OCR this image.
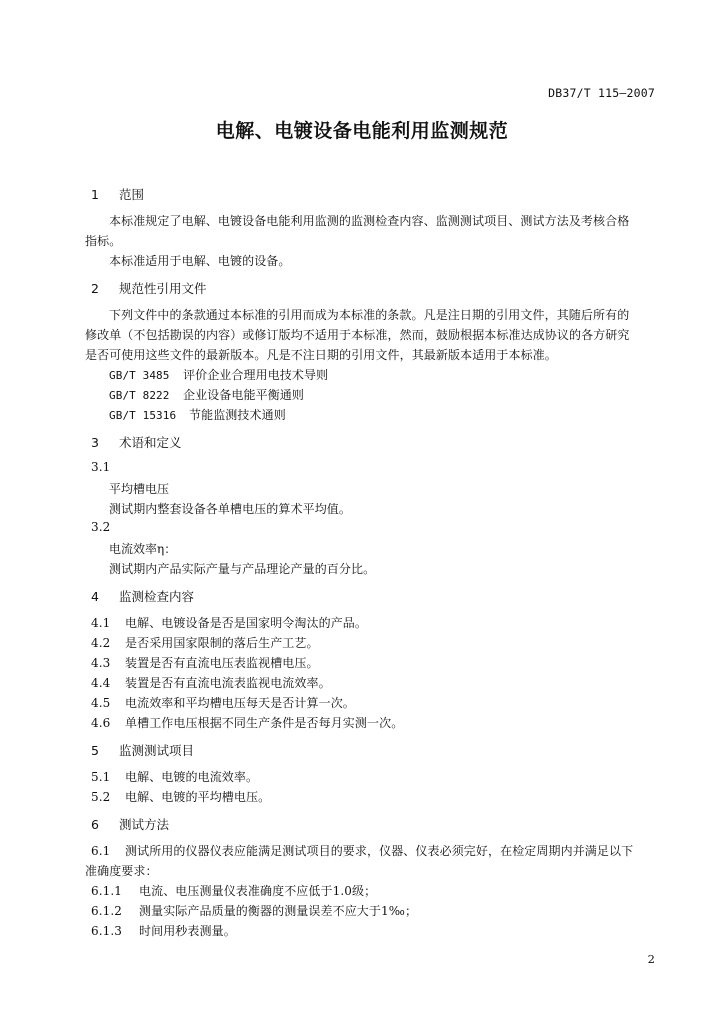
DB37/T 115—2007
电解、电镀设备电能利用监测规范
1 范围
本标准规定了电解、电镀设备电能利用监测的监测检查内容、监测测试项目、测试方法及考核合格
指标。
本标准适用于电解、电镀的设备。
2 规范性引用文件
下列文件中的条款通过本标准的引用而成为本标准的条款。凡是注日期的引用文件，其随后所有的
修改单（不包括勘误的内容）或修订版均不适用于本标准，然而，鼓励根据本标准达成协议的各方研究
是否可使用这些文件的最新版本。凡是不注日期的引用文件，其最新版本适用于本标准。
GB/T 3485 评价企业合理用电技术导则
GB/T 8222 企业设备电能平衡通则
GB/T 15316 节能监测技术通则
3 术语和定义
3.1
平均槽电压
测试期内整套设备各单槽电压的算术平均值。
3.2
电流效率η：
测试期内产品实际产量与产品理论产量的百分比。
4 监测检查内容
4.1 电解、电镀设备是否是国家明令淘汰的产品。
4.2 是否采用国家限制的落后生产工艺。
4.3 装置是否有直流电压表监视槽电压。
4.4 装置是否有直流电流表监视电流效率。
4.5 电流效率和平均槽电压每天是否计算一次。
4.6 单槽工作电压根据不同生产条件是否每月实测一次。
5 监测测试项目
5.1 电解、电镀的电流效率。
5.2 电解、电镀的平均槽电压。
6 测试方法
6.1 测试所用的仪器仪表应能满足测试项目的要求，仪器、仪表必须完好，在检定周期内并满足以下
准确度要求：
6.1.1 电流、电压测量仪表准确度不应低于1.0级；
6.1.2 测量实际产品质量的衡器的测量误差不应大于1‰；
6.1.3 时间用秒表测量。
2
